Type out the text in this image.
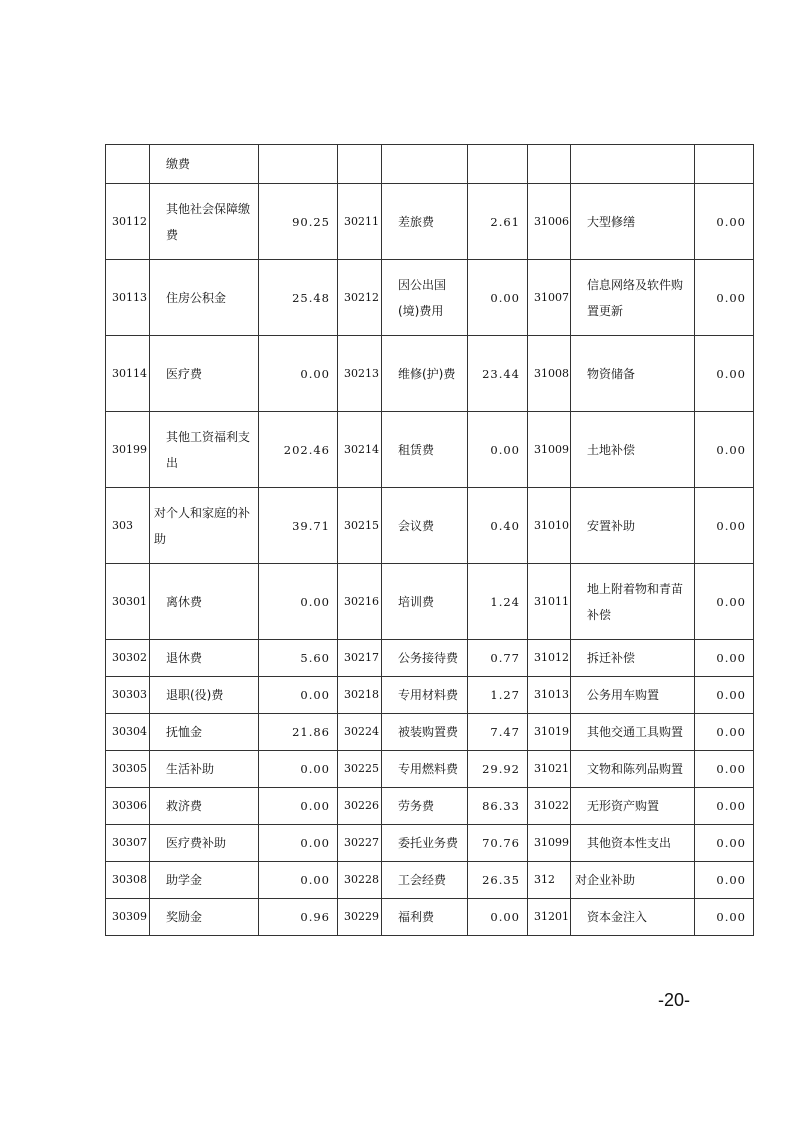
	缴费							
30112	其他社会保障缴费	90.25	30211	差旅费	2.61	31006	大型修缮	0.00
30113	住房公积金	25.48	30212	因公出国(境)费用	0.00	31007	信息网络及软件购置更新	0.00
30114	医疗费	0.00	30213	维修(护)费	23.44	31008	物资储备	0.00
30199	其他工资福利支出	202.46	30214	租赁费	0.00	31009	土地补偿	0.00
303	对个人和家庭的补助	39.71	30215	会议费	0.40	31010	安置补助	0.00
30301	离休费	0.00	30216	培训费	1.24	31011	地上附着物和青苗补偿	0.00
30302	退休费	5.60	30217	公务接待费	0.77	31012	拆迁补偿	0.00
30303	退职(役)费	0.00	30218	专用材料费	1.27	31013	公务用车购置	0.00
30304	抚恤金	21.86	30224	被装购置费	7.47	31019	其他交通工具购置	0.00
30305	生活补助	0.00	30225	专用燃料费	29.92	31021	文物和陈列品购置	0.00
30306	救济费	0.00	30226	劳务费	86.33	31022	无形资产购置	0.00
30307	医疗费补助	0.00	30227	委托业务费	70.76	31099	其他资本性支出	0.00
30308	助学金	0.00	30228	工会经费	26.35	312	对企业补助	0.00
30309	奖励金	0.96	30229	福利费	0.00	31201	资本金注入	0.00
-20-
